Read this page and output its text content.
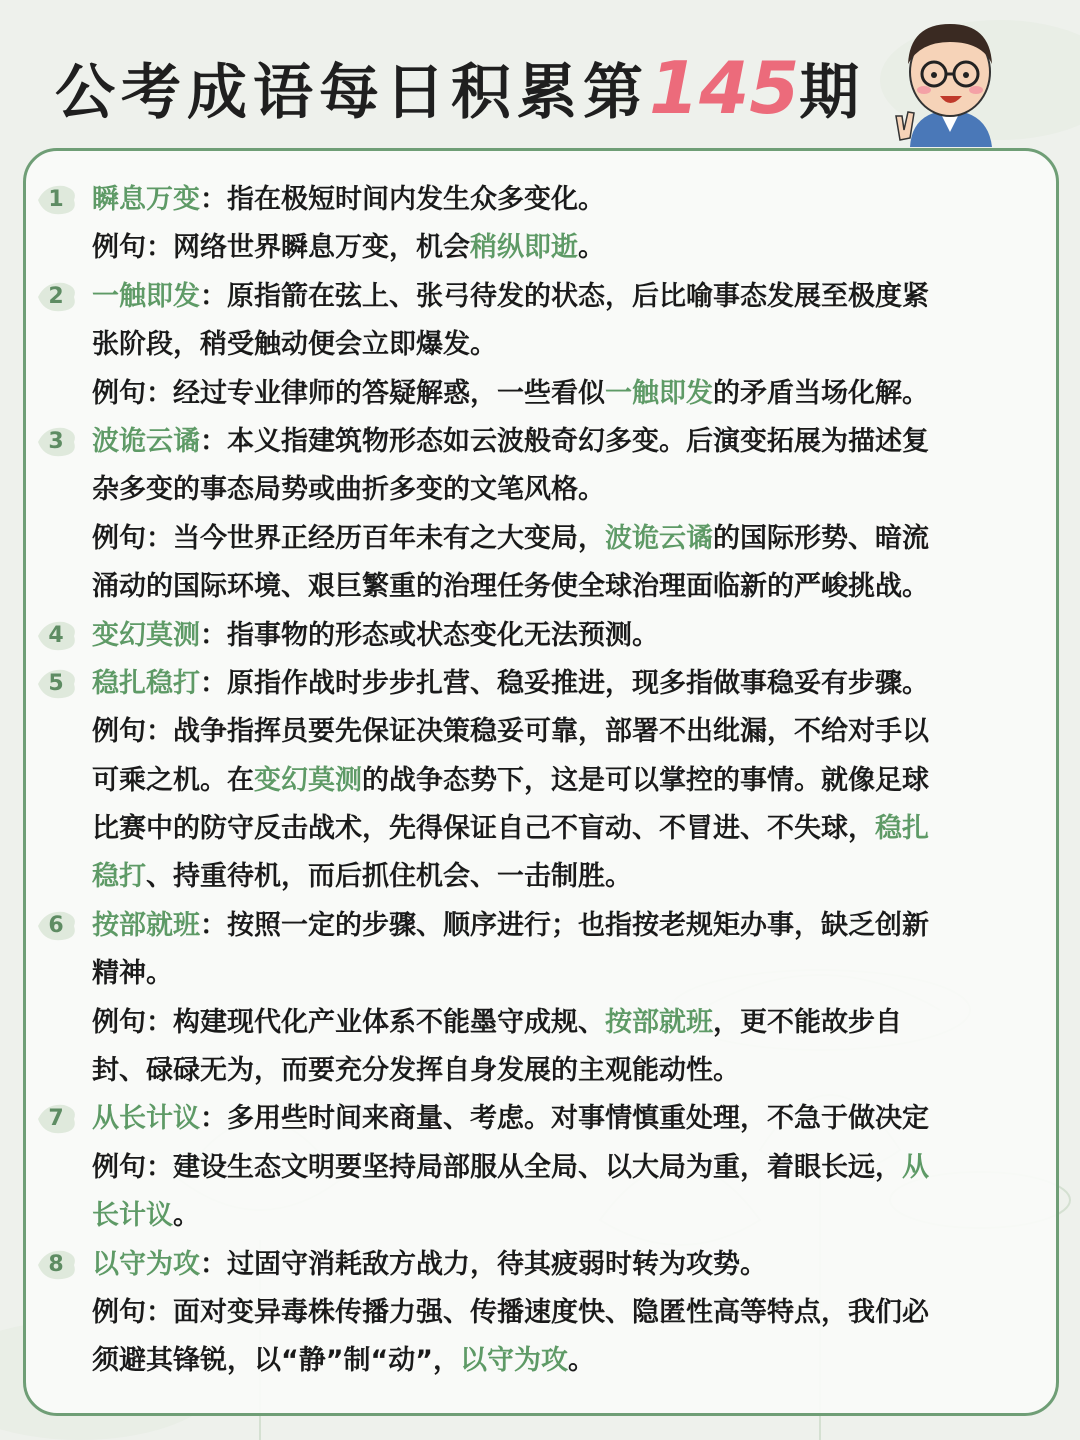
公考成语每日积累第145期
1	瞬息万变：指在极短时间内发生众多变化。
例句：网络世界瞬息万变，机会稍纵即逝。
2	一触即发：原指箭在弦上、张弓待发的状态，后比喻事态发展至极度紧
张阶段，稍受触动便会立即爆发。
例句：经过专业律师的答疑解惑，一些看似一触即发的矛盾当场化解。
3	波诡云谲：本义指建筑物形态如云波般奇幻多变。后演变拓展为描述复
杂多变的事态局势或曲折多变的文笔风格。
例句：当今世界正经历百年未有之大变局，波诡云谲的国际形势、暗流
涌动的国际环境、艰巨繁重的治理任务使全球治理面临新的严峻挑战。
4	变幻莫测：指事物的形态或状态变化无法预测。
5	稳扎稳打：原指作战时步步扎营、稳妥推进，现多指做事稳妥有步骤。
例句：战争指挥员要先保证决策稳妥可靠，部署不出纰漏，不给对手以
可乘之机。在变幻莫测的战争态势下，这是可以掌控的事情。就像足球
比赛中的防守反击战术，先得保证自己不盲动、不冒进、不失球，稳扎
稳打、持重待机，而后抓住机会、一击制胜。
6	按部就班：按照一定的步骤、顺序进行；也指按老规矩办事，缺乏创新
精神。
例句：构建现代化产业体系不能墨守成规、按部就班，更不能故步自
封、碌碌无为，而要充分发挥自身发展的主观能动性。
7	从长计议：多用些时间来商量、考虑。对事情慎重处理，不急于做决定
例句：建设生态文明要坚持局部服从全局、以大局为重，着眼长远，从
长计议。
8	以守为攻：过固守消耗敌方战力，待其疲弱时转为攻势。
例句：面对变异毒株传播力强、传播速度快、隐匿性高等特点，我们必
须避其锋锐，以“静”制“动”，以守为攻。
